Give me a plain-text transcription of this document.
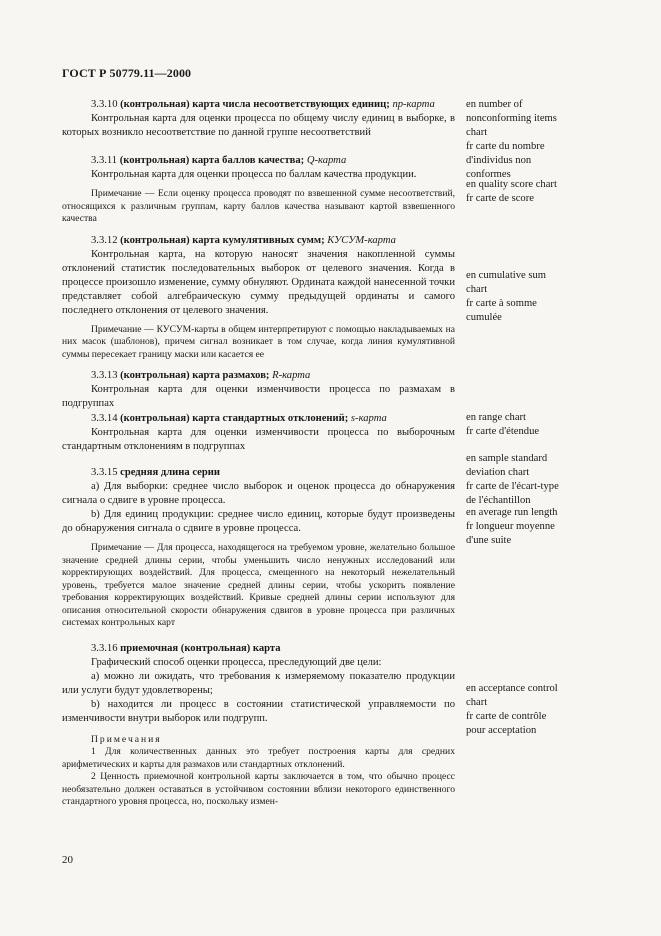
ГОСТ Р 50779.11—2000
3.3.10 (контрольная) карта числа несоответствующих единиц; пр-карта
Контрольная карта для оценки процесса по общему числу единиц в выборке, в которых возникло несоответствие по данной группе несоответствий
3.3.11 (контрольная) карта баллов качества; Q-карта
Контрольная карта для оценки процесса по баллам качества продукции.
Примечание — Если оценку процесса проводят по взвешенной сумме несоответствий, относящихся к различным группам, карту баллов качества называют картой взвешенного качества
3.3.12 (контрольная) карта кумулятивных сумм; КУСУМ-карта
Контрольная карта, на которую наносят значения накопленной суммы отклонений статистик последовательных выборок от целевого значения. Когда в процессе произошло изменение, сумму обнуляют. Ордината каждой нанесенной точки представляет собой алгебраическую сумму предыдущей ординаты и самого последнего отклонения от целевого значения.
Примечание — КУСУМ-карты в общем интерпретируют с помощью накладываемых на них масок (шаблонов), причем сигнал возникает в том случае, когда линия кумулятивной суммы пересекает границу маски или касается ее
3.3.13 (контрольная) карта размахов; R-карта
Контрольная карта для оценки изменчивости процесса по размахам в подгруппах
3.3.14 (контрольная) карта стандартных отклонений; s-карта
Контрольная карта для оценки изменчивости процесса по выборочным стандартным отклонениям в подгруппах
3.3.15 средняя длина серии
а) Для выборки: среднее число выборок и оценок процесса до обнаружения сигнала о сдвиге в уровне процесса.
b) Для единиц продукции: среднее число единиц, которые будут произведены до обнаружения сигнала о сдвиге в уровне процесса.
Примечание — Для процесса, находящегося на требуемом уровне, желательно большое значение средней длины серии, чтобы уменьшить число ненужных исследований или корректирующих воздействий. Для процесса, смещенного на некоторый нежелательный уровень, требуется малое значение средней длины серии, чтобы ускорить появление требования корректирующих воздействий. Кривые средней длины серии используют для описания относительной скорости обнаружения сдвигов в уровне процесса при различных системах контрольных карт
3.3.16 приемочная (контрольная) карта
Графический способ оценки процесса, преследующий две цели:
а) можно ли ожидать, что требования к измеряемому показателю продукции или услуги будут удовлетворены;
b) находится ли процесс в состоянии статистической управляемости по изменчивости внутри выборок или подгрупп.
Примечания
1 Для количественных данных это требует построения карты для средних арифметических и карты для размахов или стандартных отклонений.
2 Ценность приемочной контрольной карты заключается в том, что обычно процесс необязательно должен оставаться в устойчивом состоянии вблизи некоторого единственного стандартного уровня процесса, но, поскольку измен-
en number of
nonconforming items
chart
fr carte du nombre
d'individus non
conformes
en quality score chart
fr carte de score
en cumulative sum
chart
fr carte à somme
cumulée
en range chart
fr carte d'étendue
en sample standard
deviation chart
fr carte de l'écart-type
de l'échantillon
en average run length
fr longueur moyenne
d'une suite
en acceptance control
chart
fr carte de contrôle
pour acceptation
20
